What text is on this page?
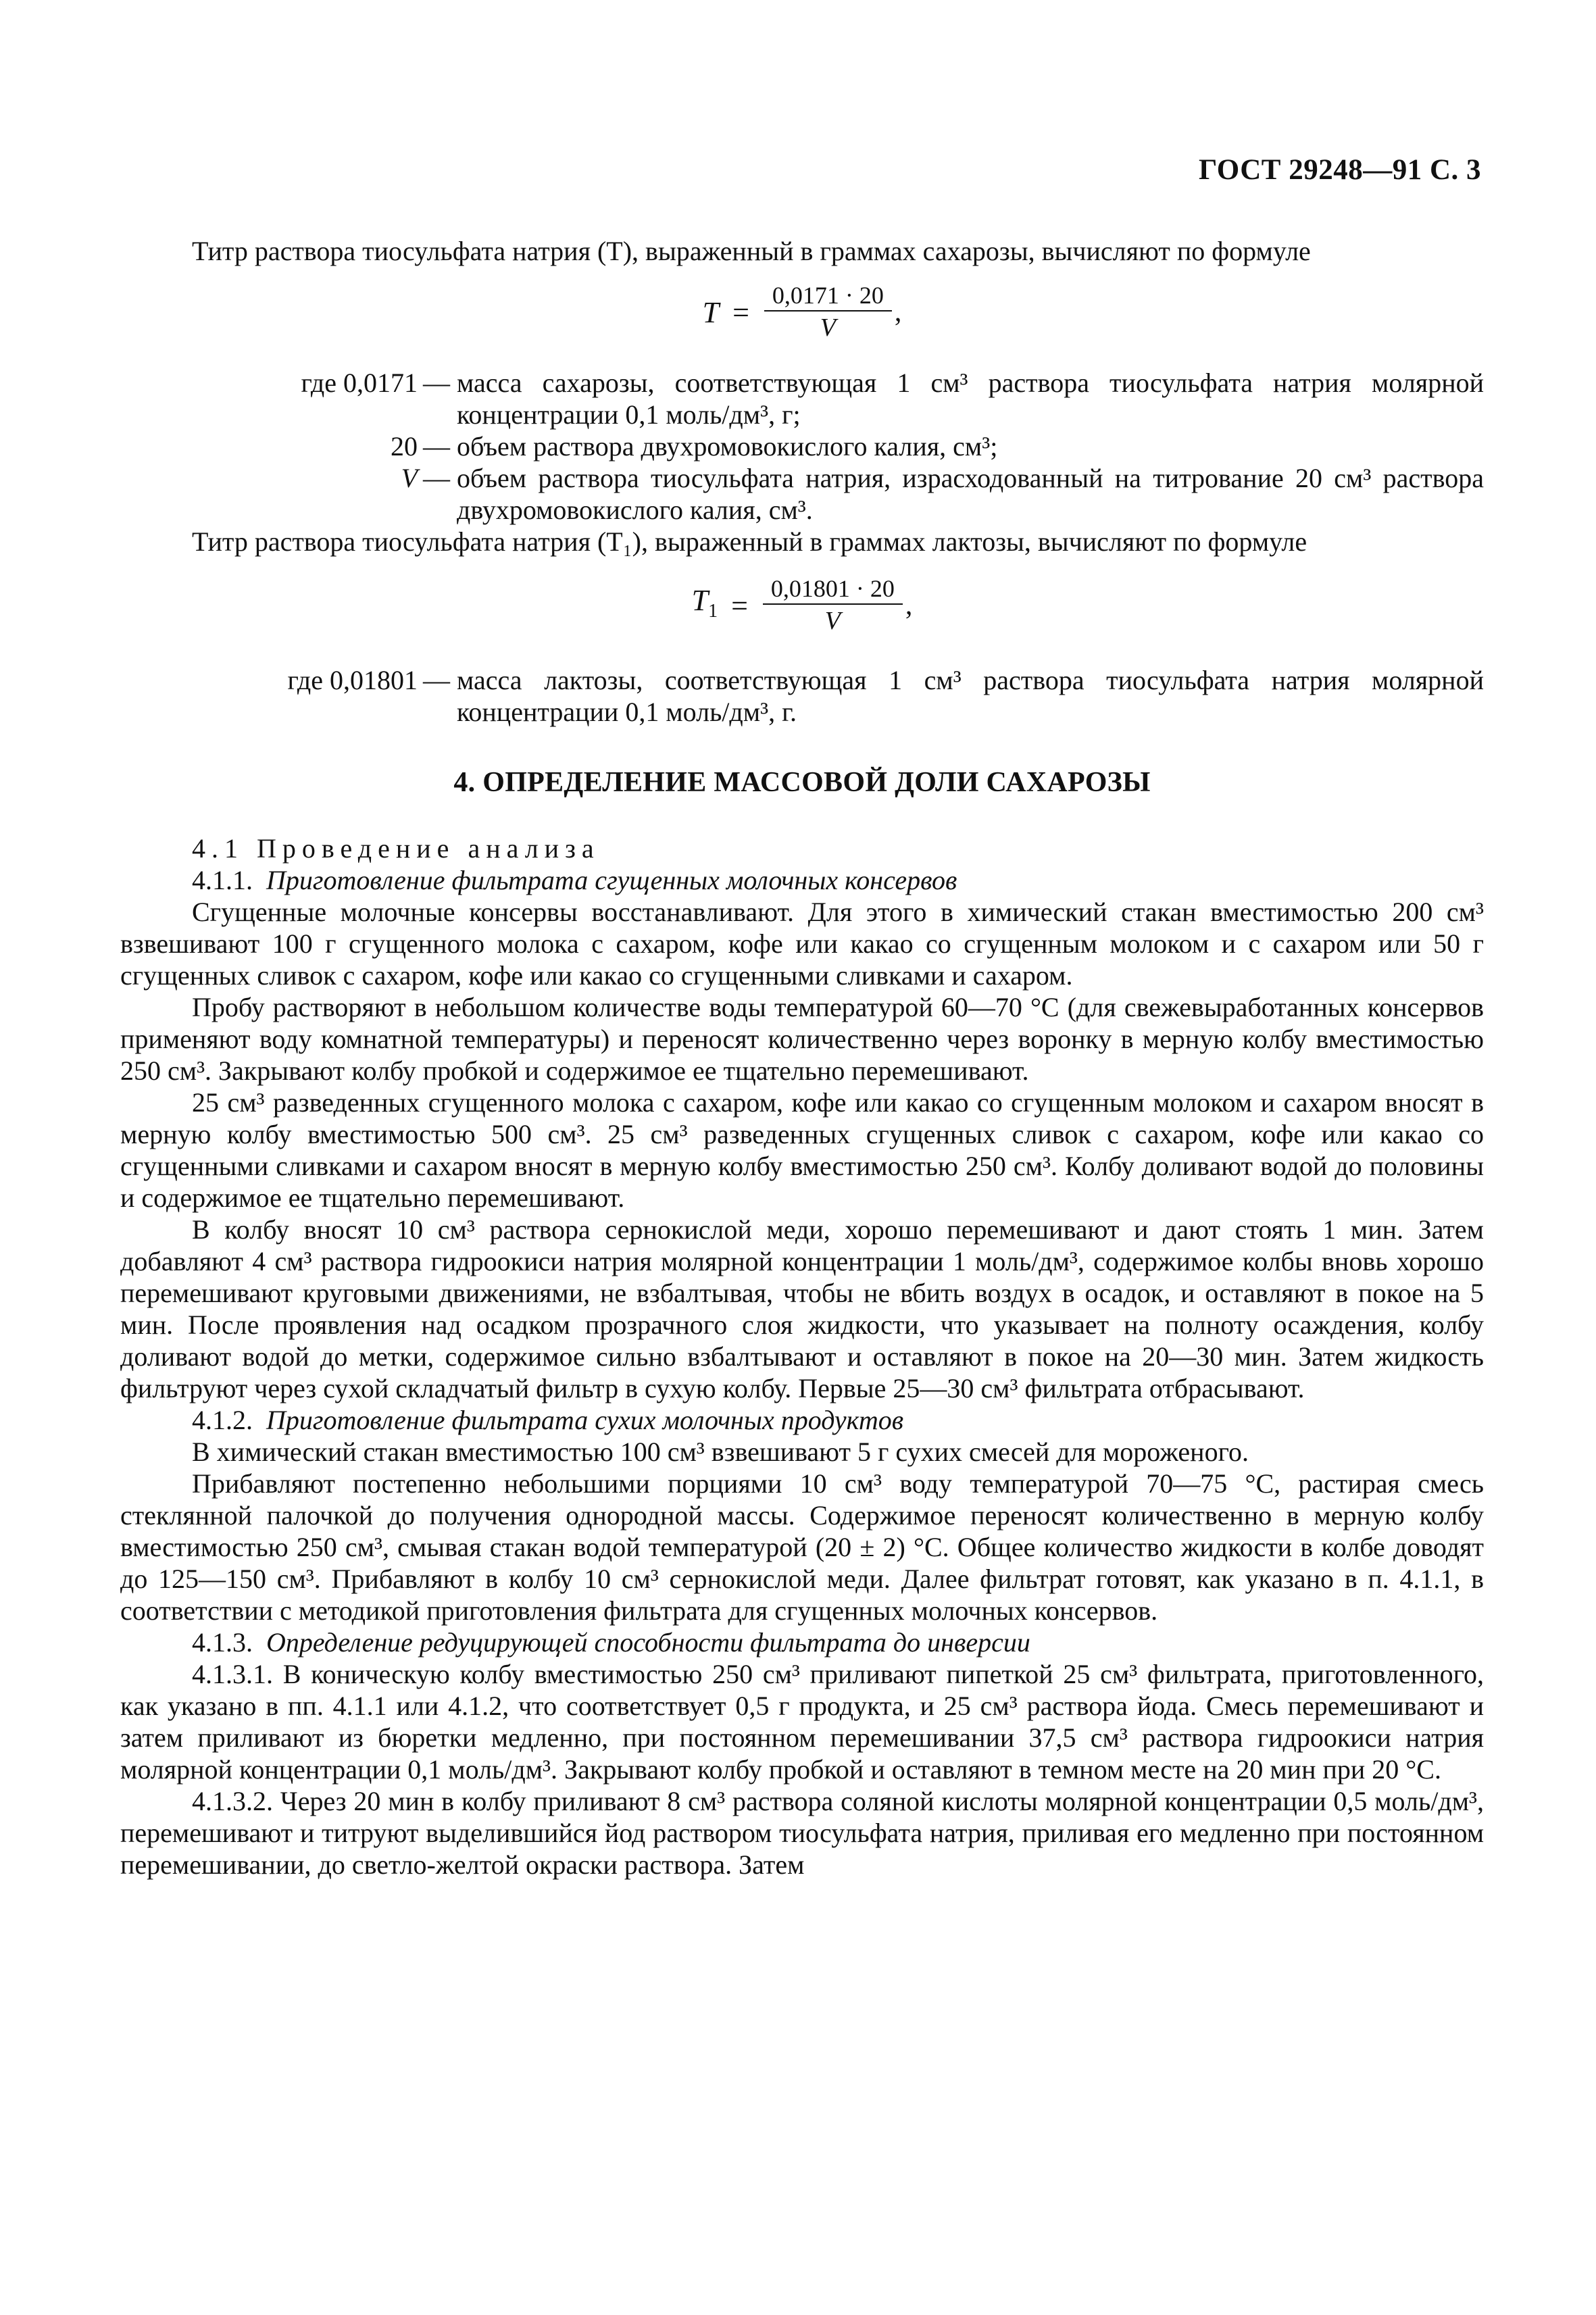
ГОСТ 29248—91 С. 3

Титр раствора тиосульфата натрия (T), выраженный в граммах сахарозы, вычисляют по формуле

$T = \frac{0,0171 \cdot 20}{V}$ ,
где 0,0171 — масса сахарозы, соответствующая 1 см³ раствора тиосульфата натрия молярной концентрации 0,1 моль/дм³, г;
20 — объем раствора двухромовокислого калия, см³;
V — объем раствора тиосульфата натрия, израсходованный на титрование 20 см³ раствора двухромовокислого калия, см³.

Титр раствора тиосульфата натрия (T₁), выраженный в граммах лактозы, вычисляют по формуле

$T_1 = \frac{0,01801 \cdot 20}{V}$ ,
где 0,01801 — масса лактозы, соответствующая 1 см³ раствора тиосульфата натрия молярной концентрации 0,1 моль/дм³, г.
4. ОПРЕДЕЛЕНИЕ МАССОВОЙ ДОЛИ САХАРОЗЫ

4.1 Проведение анализа

4.1.1. Приготовление фильтрата сгущенных молочных консервов

Сгущенные молочные консервы восстанавливают. Для этого в химический стакан вместимостью 200 см³ взвешивают 100 г сгущенного молока с сахаром, кофе или какао со сгущенным молоком и с сахаром или 50 г сгущенных сливок с сахаром, кофе или какао со сгущенными сливками и сахаром.

Пробу растворяют в небольшом количестве воды температурой 60—70 °С (для свежевыработанных консервов применяют воду комнатной температуры) и переносят количественно через воронку в мерную колбу вместимостью 250 см³. Закрывают колбу пробкой и содержимое ее тщательно перемешивают.

25 см³ разведенных сгущенного молока с сахаром, кофе или какао со сгущенным молоком и сахаром вносят в мерную колбу вместимостью 500 см³. 25 см³ разведенных сгущенных сливок с сахаром, кофе или какао со сгущенными сливками и сахаром вносят в мерную колбу вместимостью 250 см³. Колбу доливают водой до половины и содержимое ее тщательно перемешивают.

В колбу вносят 10 см³ раствора сернокислой меди, хорошо перемешивают и дают стоять 1 мин. Затем добавляют 4 см³ раствора гидроокиси натрия молярной концентрации 1 моль/дм³, содержимое колбы вновь хорошо перемешивают круговыми движениями, не взбалтывая, чтобы не вбить воздух в осадок, и оставляют в покое на 5 мин. После проявления над осадком прозрачного слоя жидкости, что указывает на полноту осаждения, колбу доливают водой до метки, содержимое сильно взбалтывают и оставляют в покое на 20—30 мин. Затем жидкость фильтруют через сухой складчатый фильтр в сухую колбу. Первые 25—30 см³ фильтрата отбрасывают.

4.1.2. Приготовление фильтрата сухих молочных продуктов

В химический стакан вместимостью 100 см³ взвешивают 5 г сухих смесей для мороженого.

Прибавляют постепенно небольшими порциями 10 см³ воду температурой 70—75 °С, растирая смесь стеклянной палочкой до получения однородной массы. Содержимое переносят количественно в мерную колбу вместимостью 250 см³, смывая стакан водой температурой (20 ± 2) °С. Общее количество жидкости в колбе доводят до 125—150 см³. Прибавляют в колбу 10 см³ сернокислой меди. Далее фильтрат готовят, как указано в п. 4.1.1, в соответствии с методикой приготовления фильтрата для сгущенных молочных консервов.

4.1.3. Определение редуцирующей способности фильтрата до инверсии

4.1.3.1. В коническую колбу вместимостью 250 см³ приливают пипеткой 25 см³ фильтрата, приготовленного, как указано в пп. 4.1.1 или 4.1.2, что соответствует 0,5 г продукта, и 25 см³ раствора йода. Смесь перемешивают и затем приливают из бюретки медленно, при постоянном перемешивании 37,5 см³ раствора гидроокиси натрия молярной концентрации 0,1 моль/дм³. Закрывают колбу пробкой и оставляют в темном месте на 20 мин при 20 °С.

4.1.3.2. Через 20 мин в колбу приливают 8 см³ раствора соляной кислоты молярной концентрации 0,5 моль/дм³, перемешивают и титруют выделившийся йод раствором тиосульфата натрия, приливая его медленно при постоянном перемешивании, до светло-желтой окраски раствора. Затем
